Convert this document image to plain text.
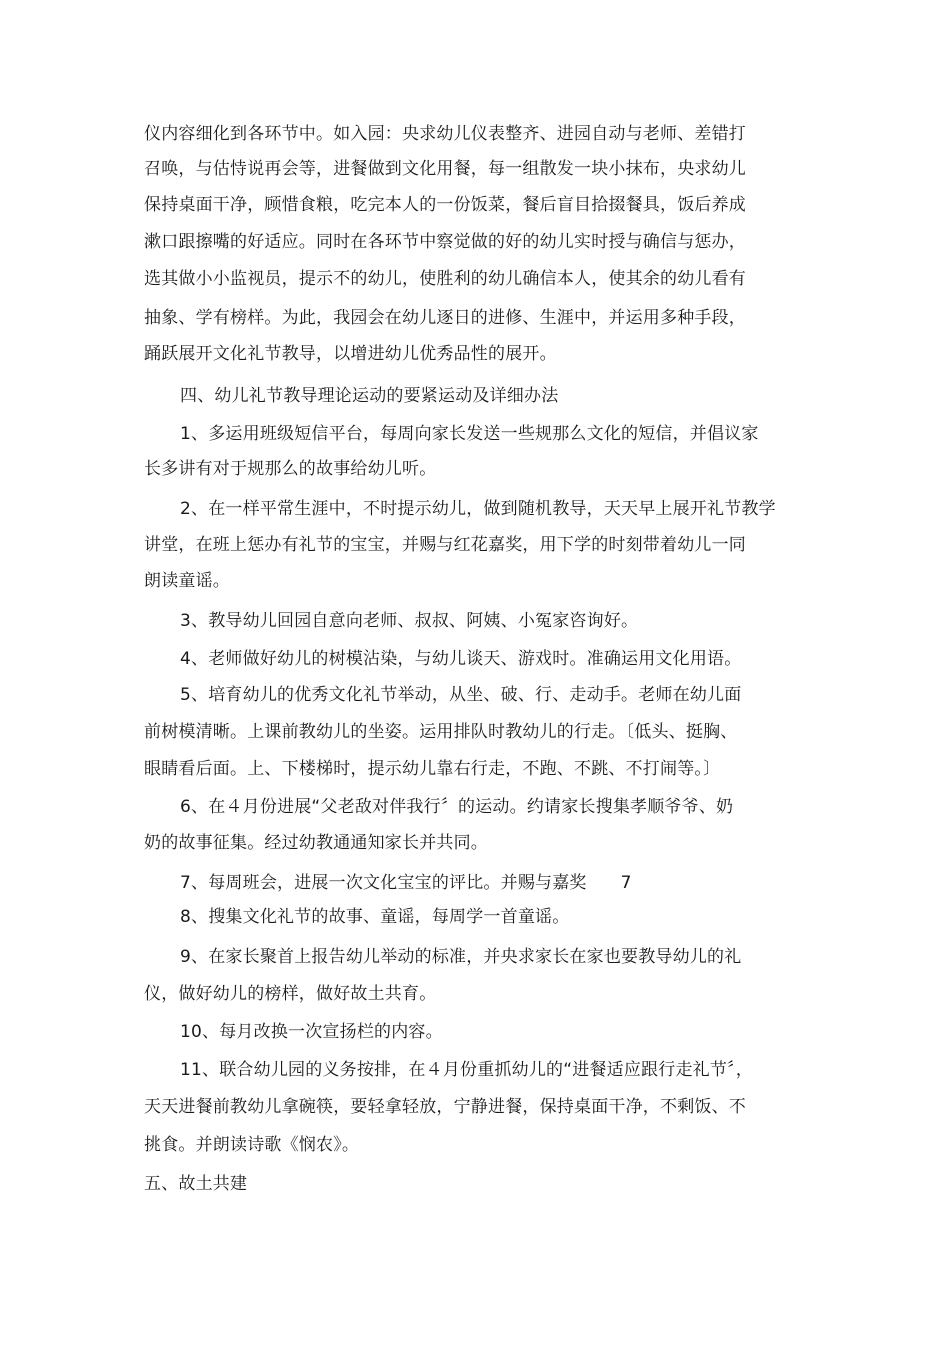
仪内容细化到各环节中。如入园：央求幼儿仪表整齐、进园自动与老师、差错打
召唤，与估恃说再会等，进餐做到文化用餐，每一组散发一块小抹布，央求幼儿
保持桌面干净，顾惜食粮，吃完本人的一份饭菜，餐后盲目拾掇餐具，饭后养成
漱口跟擦嘴的好适应。同时在各环节中察觉做的好的幼儿实时授与确信与惩办，
选其做小小监视员，提示不的幼儿，使胜利的幼儿确信本人，使其余的幼儿看有
抽象、学有榜样。为此，我园会在幼儿逐日的进修、生涯中，并运用多种手段，
踊跃展开文化礼节教导，以增进幼儿优秀品性的展开。
四、幼儿礼节教导理论运动的要紧运动及详细办法
1、多运用班级短信平台，每周向家长发送一些规那么文化的短信，并倡议家
长多讲有对于规那么的故事给幼儿听。
2、在一样平常生涯中，不时提示幼儿，做到随机教导，天天早上展开礼节教学
讲堂，在班上惩办有礼节的宝宝，并赐与红花嘉奖，用下学的时刻带着幼儿一同
朗读童谣。
3、教导幼儿回园自意向老师、叔叔、阿姨、小冤家咨询好。
4、老师做好幼儿的树模沾染，与幼儿谈天、游戏时。准确运用文化用语。
5、培育幼儿的优秀文化礼节举动，从坐、破、行、走动手。老师在幼儿面
前树模清晰。上课前教幼儿的坐姿。运用排队时教幼儿的行走。〔低头、挺胸、
眼睛看后面。上、下楼梯时，提示幼儿靠右行走，不跑、不跳、不打闹等。〕
6、在４月份进展“父老敌对伴我行〞的运动。约请家长搜集孝顺爷爷、奶
奶的故事征集。经过幼教通通知家长并共同。
7、每周班会，进展一次文化宝宝的评比。并赐与嘉奖 7
8、搜集文化礼节的故事、童谣，每周学一首童谣。
9、在家长聚首上报告幼儿举动的标准，并央求家长在家也要教导幼儿的礼
仪，做好幼儿的榜样，做好故土共育。
10、每月改换一次宣扬栏的内容。
11、联合幼儿园的义务按排，在４月份重抓幼儿的“进餐适应跟行走礼节〞，
天天进餐前教幼儿拿碗筷，要轻拿轻放，宁静进餐，保持桌面干净，不剩饭、不
挑食。并朗读诗歌《悯农》。
五、故土共建
